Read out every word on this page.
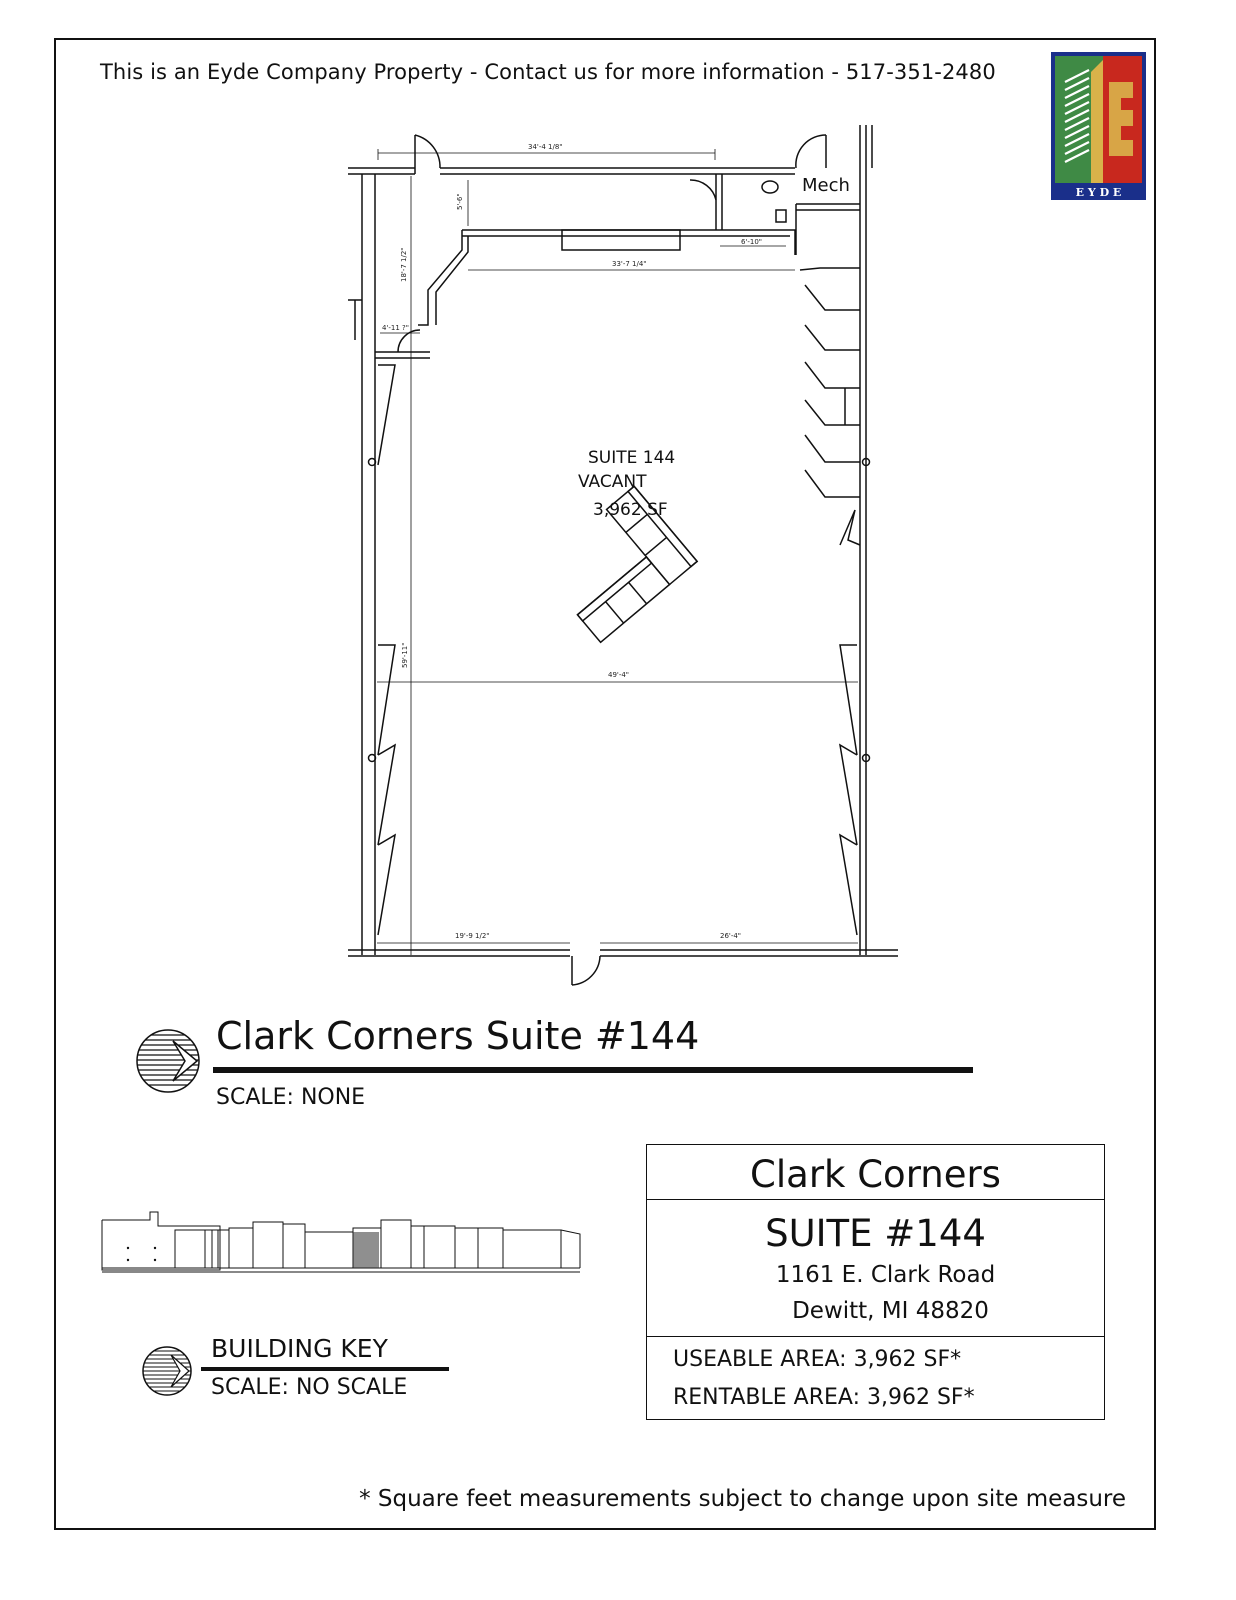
This is an Eyde Company Property - Contact us for more information - 517-351-2480
E Y D E
34'-4 1/8"
5'-6"
33'-7 1/4"
6'-10"
18'-7 1/2"
4'-11 ?"
59'-11"
49'-4"
19'-9 1/2"	26'-4"
Mech
SUITE 144
VACANT
3,962 SF
Clark Corners Suite #144
SCALE: NONE
BUILDING KEY
SCALE: NO SCALE
Clark Corners
SUITE #144
1161 E. Clark Road
Dewitt, MI 48820
USEABLE AREA: 3,962 SF*
RENTABLE AREA: 3,962 SF*
* Square feet measurements subject to change upon site measure
